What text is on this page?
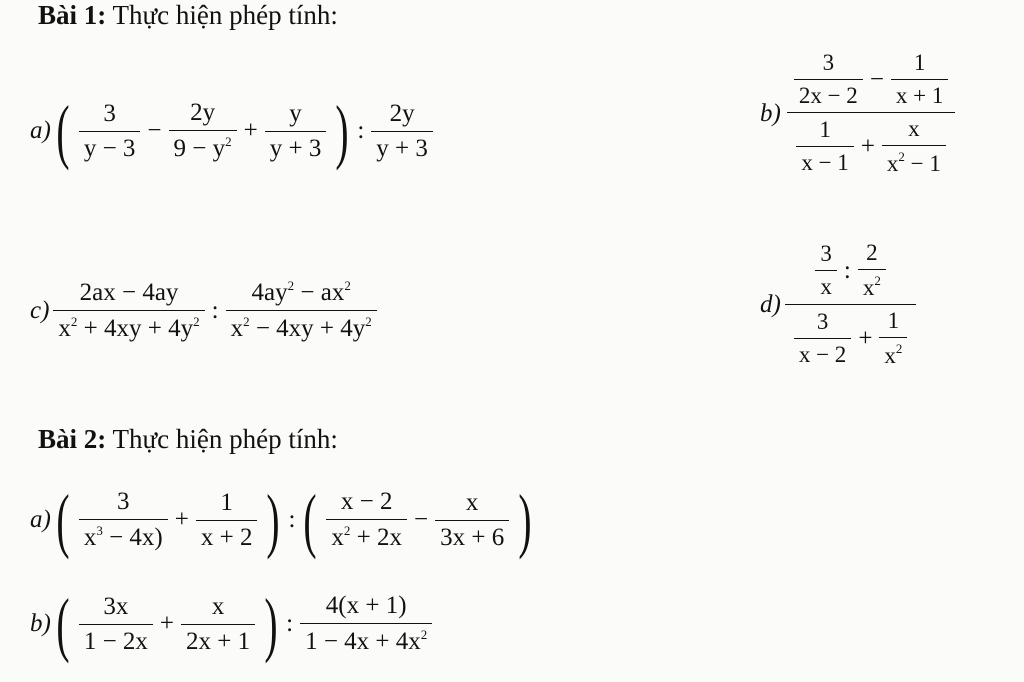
Bài 1: Thực hiện phép tính:
a) ( $\frac{3}{y - 3} - \frac{2y}{9 - y^2} + \frac{y}{y + 3}$ ) : $\frac{2y}{y + 3}$	$b) \frac{\frac{3}{2x - 2} - \frac{1}{x + 1}}{\frac{1}{x - 1} + \frac{x}{x^2 - 1}}$
$c) \frac{2ax - 4ay}{x^2 + 4xy + 4y^2}$ : $\frac{4ay^2 - ax^2}{x^2 - 4xy + 4y^2}$	$d) \frac{\frac{3}{x} : \frac{2}{x^2}}{\frac{3}{x - 2} + \frac{1}{x^2}}$
Bài 2: Thực hiện phép tính:
a) ( $\frac{3}{x^3 - 4x)} + \frac{1}{x + 2}$ ) : ( $\frac{x - 2}{x^2 + 2x} - \frac{x}{3x + 6}$ )
b) ( $\frac{3x}{1 - 2x} + \frac{x}{2x + 1}$ ) : $\frac{4(x + 1)}{1 - 4x + 4x^2}$
